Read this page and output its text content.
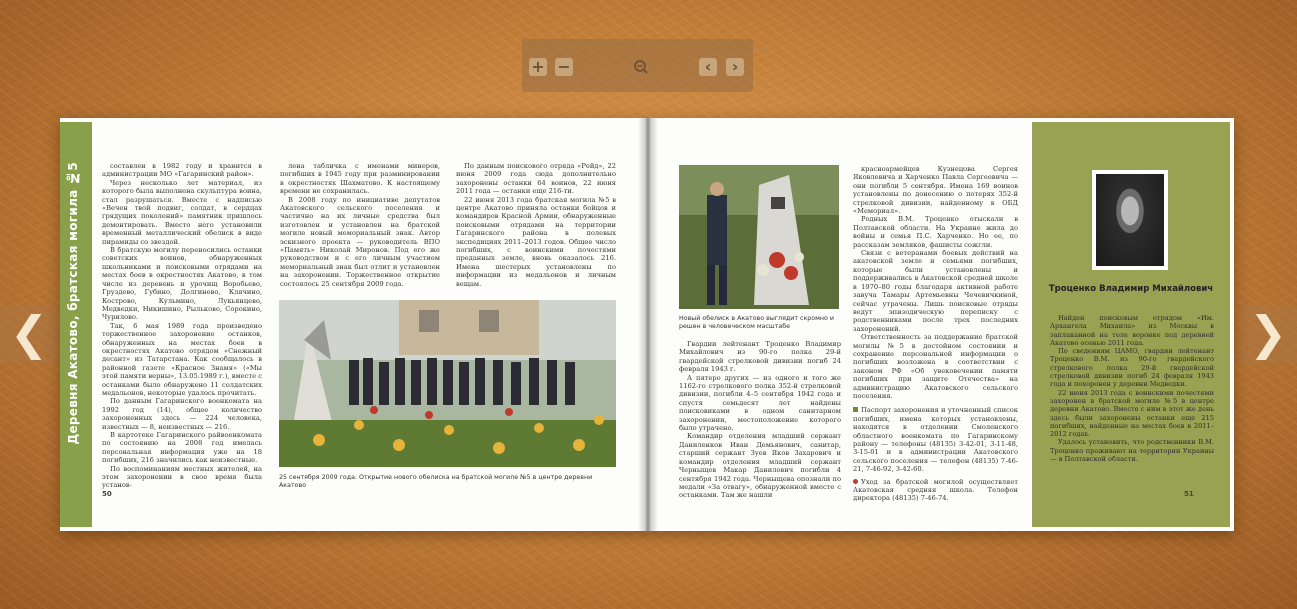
+ −	‹	›
⌄
❮	❯
Деревня Акатово, братская могила №5	составлен в 1982 году и хранится в администрации МО «Гагаринский район».

Через несколько лет материал, из которого была выполнена скульптура воина, стал разрушаться. Вместе с надписью «Вечен твой подвиг, солдат, в сердцах грядущих поколений» памятник пришлось демонтировать. Вместо него установили временный металлический обелиск в виде пирамиды со звездой.

В братскую могилу переносились останки советских воинов, обнаруженных школьниками и поисковыми отрядами на местах боев в окрестностях Акатово, в том числе из деревень и урочищ Воробьево, Груздево, Губино, Долгинево, Клячино, Кострово, Кульмино, Лукьянцево, Медведки, Никишино, Рыльково, Сорокино, Чурилово.

Так, 6 мая 1989 года произведено торжественное захоронение останков, обнаруженных на местах боев в окрестностях Акатово отрядом «Снежный десант» из Татарстана. Как сообщалось в районной газете «Красное Знамя» («Мы этой памяти верны», 13.05.1989 г.), вместе с останками было обнаружено 11 солдатских медальонов, некоторые удалось прочитать.

По данным Гагаринского военкомата на 1992 год (14), общее количество захороненных здесь — 224 человека, известных — 8, неизвестных — 216.

В картотеке Гагаринского райвоенкомата по состоянию на 2008 год имелась персональная информация уже на 18 погибших, 216 значились как неизвестные.

По воспоминаниям местных жителей, на этом захоронении в свое время была установ-

лена табличка с именами минеров, погибших в 1945 году при разминировании в окрестностях Шахматово. К настоящему времени не сохранилась.

В 2008 году по инициативе депутатов Акатовского сельского поселения и частично на их личные средства был изготовлен и установлен на братской могиле новый мемориальный знак. Автор эскизного проекта — руководитель ВПО «Память» Николай Миронов. Под его же руководством и с его личным участием мемориальный знак был отлит и установлен на захоронении. Торжественное открытие состоялось 25 сентября 2009 года.

По данным поискового отряда «Рейд», 22 июня 2009 года сюда дополнительно захоронены останки 64 воинов, 22 июня 2011 года — останки еще 216-ти.

22 июня 2013 года братская могила №5 в центре Акатово приняла останки бойцов и командиров Красной Армии, обнаруженные поисковыми отрядами на территории Гагаринского района в полевых экспедициях 2011–2013 годов. Общее число погибших, с воинскими почестями преданных земле, вновь оказалось 216. Имена шестерых установлены по информации из медальонов и личным вещам.

25 сентября 2009 года. Открытие нового обелиска на братской могиле №5 в центре деревни Акатово
50
Новый обелиск в Акатово выглядит скромно и решен в человеческом масштабе

Гвардии лейтенант Троценко Владимир Михайлович из 90-го полка 29-й гвардейской стрелковой дивизии погиб 24 февраля 1943 г.

А пятеро других — из одного и того же 1162-го стрелкового полка 352-й стрелковой дивизии, погибли 4–5 сентября 1942 года и спустя семьдесят лет найдены поисковиками в одном санитарном захоронении, местоположение которого было утрачено.

Командир отделения младший сержант Даниленков Иван Демьянович, санитар, старший сержант Зуев Яков Захарович и командир отделения младший сержант Черныщев Макар Данилович погибли 4 сентября 1942 года. Черныщева опознали по медали «За отвагу», обнаруженной вместе с останками. Там же нашли

красноармейцев Кузнецова Сергея Яковлевича и Харченко Павла Сергеевича — они погибли 5 сентября. Имена 169 воинов установлены по донесению о потерях 352-й стрелковой дивизии, найденному в ОБД «Мемориал».

Родных В.М. Троценко отыскали в Полтавской области. На Украине жила до войны и семья П.С. Харченко. Но ее, по рассказам земляков, фашисты сожгли.

Связи с ветеранами боевых действий на акатовской земле и семьями погибших, которые были установлены и поддерживались в Акатовской средней школе в 1970–80 годы благодаря активной работе завуча Тамары Артемьевны Чечевичкиной, сейчас утрачены. Лишь поисковые отряды ведут эпизодическую переписку с родственниками после трех последних захоронений.

Ответственность за поддержание братской могилы №5 в достойном состоянии и сохранение персональной информации о погибших возложена в соответствии с законом РФ «Об увековечении памяти погибших при защите Отечества» на администрацию Акатовского сельского поселения.

Паспорт захоронения и уточненный список погибших, имена которых установлены, находятся в отделении Смоленского областного военкомата по Гагаринскому району — телефоны (48135) 3-42-01, 3-11-48, 3-15-01 и в администрации Акатовского сельского поселения — телефон (48135) 7-46-21, 7-46-92, 3-42-60.

Уход за братской могилой осуществляет Акатовская средняя школа. Телефон директора (48135) 7-46-74.

Троценко Владимир Михайлович

Найден поисковым отрядом «Им. Архангела Михаила» из Москвы в заплаканной на толе воронке под деревней Акатово осенью 2011 года.

По сведениям ЦАМО, гвардии лейтенант Троценко В.М. из 90-го гвардейского стрелкового полка 29-й гвардейской стрелковой дивизии погиб 24 февраля 1943 года и похоронен у деревни Медведки.

22 июня 2013 года с воинскими почестями захоронен в братской могиле №5 в центре деревни Акатово. Вместе с ним в этот же день здесь были захоронены останки еще 215 погибших, найденные на местах боев в 2011–2012 годах.

Удалось установить, что родственники В.М. Троценко проживают на территории Украины — в Полтавской области.

51
